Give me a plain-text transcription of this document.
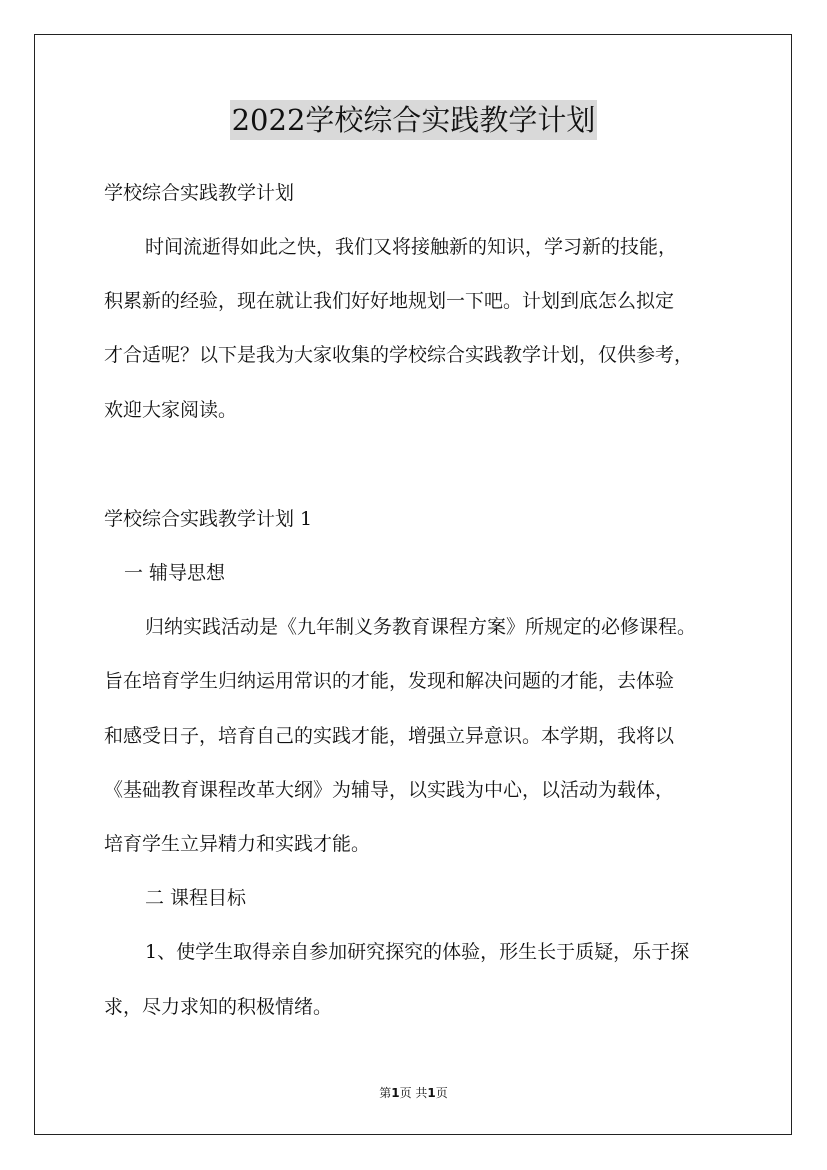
2022学校综合实践教学计划
学校综合实践教学计划
时间流逝得如此之快，我们又将接触新的知识，学习新的技能，
积累新的经验，现在就让我们好好地规划一下吧。计划到底怎么拟定
才合适呢？以下是我为大家收集的学校综合实践教学计划，仅供参考，
欢迎大家阅读。
学校综合实践教学计划 1
一 辅导思想
归纳实践活动是《九年制义务教育课程方案》所规定的必修课程。
旨在培育学生归纳运用常识的才能，发现和解决问题的才能，去体验
和感受日子，培育自己的实践才能，增强立异意识。本学期，我将以
《基础教育课程改革大纲》为辅导，以实践为中心，以活动为载体，
培育学生立异精力和实践才能。
二 课程目标
1、使学生取得亲自参加研究探究的体验，形生长于质疑，乐于探
求，尽力求知的积极情绪。
第1页 共1页
